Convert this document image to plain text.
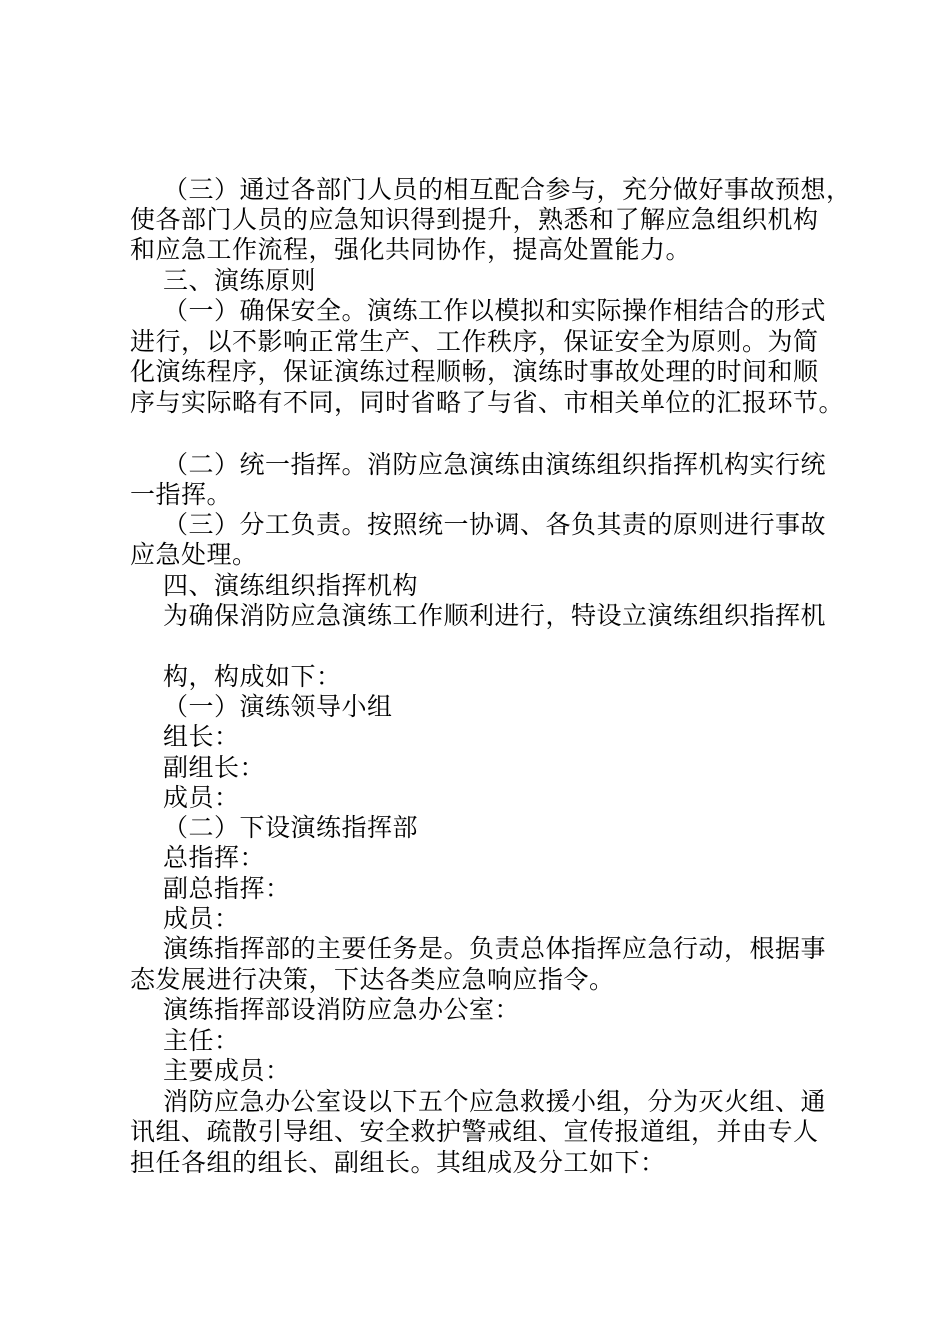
（三）通过各部门人员的相互配合参与，充分做好事故预想，
使各部门人员的应急知识得到提升，熟悉和了解应急组织机构
和应急工作流程，强化共同协作，提高处置能力。
三、演练原则
（一）确保安全。演练工作以模拟和实际操作相结合的形式
进行，以不影响正常生产、工作秩序，保证安全为原则。为简
化演练程序，保证演练过程顺畅，演练时事故处理的时间和顺
序与实际略有不同，同时省略了与省、市相关单位的汇报环节。
（二）统一指挥。消防应急演练由演练组织指挥机构实行统
一指挥。
（三）分工负责。按照统一协调、各负其责的原则进行事故
应急处理。
四、演练组织指挥机构
为确保消防应急演练工作顺利进行，特设立演练组织指挥机
构，构成如下：
（一）演练领导小组
组长：
副组长：
成员：
（二）下设演练指挥部
总指挥：
副总指挥：
成员：
演练指挥部的主要任务是。负责总体指挥应急行动，根据事
态发展进行决策，下达各类应急响应指令。
演练指挥部设消防应急办公室：
主任：
主要成员：
消防应急办公室设以下五个应急救援小组，分为灭火组、通
讯组、疏散引导组、安全救护警戒组、宣传报道组，并由专人
担任各组的组长、副组长。其组成及分工如下：
